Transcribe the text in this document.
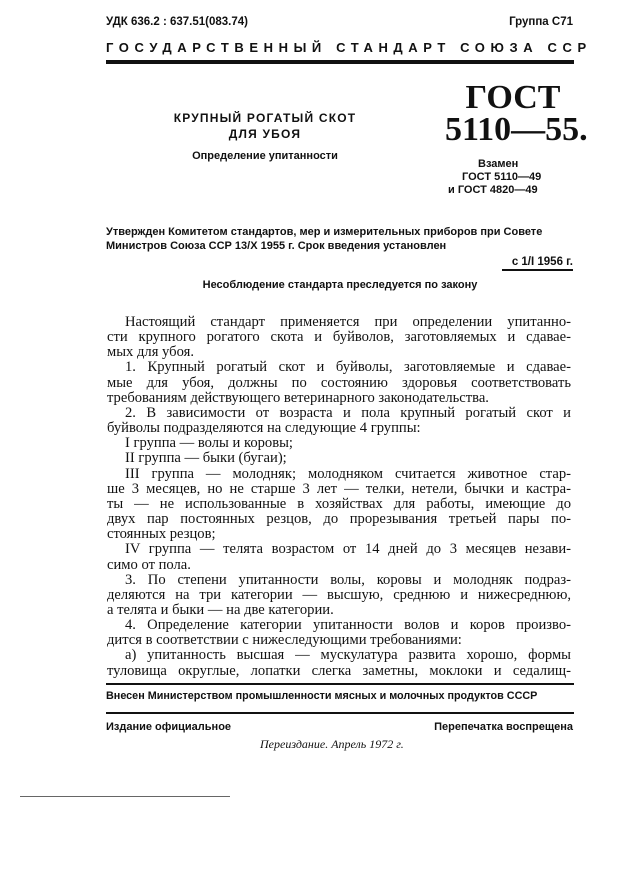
УДК 636.2 : 637.51(083.74)	Группа С71
ГОСУДАРСТВЕННЫЙ СТАНДАРТ СОЮЗА ССР
КРУПНЫЙ РОГАТЫЙ СКОТ
ДЛЯ УБОЯ
Определение упитанности
ГОСТ
5110—55.
Взамен
ГОСТ 5110—49
и ГОСТ 4820—49
Утвержден Комитетом стандартов, мер и измерительных приборов при Совете
Министров Союза ССР 13/X 1955 г. Срок введения установлен
с 1/I 1956 г.
Несоблюдение стандарта преследуется по закону
Настоящий стандарт применяется при определении упитанно-
сти крупного рогатого скота и буйволов, заготовляемых и сдавае-
мых для убоя.
1. Крупный рогатый скот и буйволы, заготовляемые и сдавае-
мые для убоя, должны по состоянию здоровья соответствовать
требованиям действующего ветеринарного законодательства.
2. В зависимости от возраста и пола крупный рогатый скот и
буйволы подразделяются на следующие 4 группы:
I группа — волы и коровы;
II группа — быки (бугаи);
III группа — молодняк; молодняком считается животное стар-
ше 3 месяцев, но не старше 3 лет — телки, нетели, бычки и кастра-
ты — не использованные в хозяйствах для работы, имеющие до
двух пар постоянных резцов, до прорезывания третьей пары по-
стоянных резцов;
IV группа — телята возрастом от 14 дней до 3 месяцев незави-
симо от пола.
3. По степени упитанности волы, коровы и молодняк подраз-
деляются на три категории — высшую, среднюю и нижесреднюю,
а телята и быки — на две категории.
4. Определение категории упитанности волов и коров произво-
дится в соответствии с нижеследующими требованиями:
а) упитанность высшая — мускулатура развита хорошо, формы
туловища округлые, лопатки слегка заметны, моклоки и седалищ-
Внесен Министерством промышленности мясных и молочных продуктов СССР
Издание официальное	Перепечатка воспрещена
Переиздание. Апрель 1972 г.
